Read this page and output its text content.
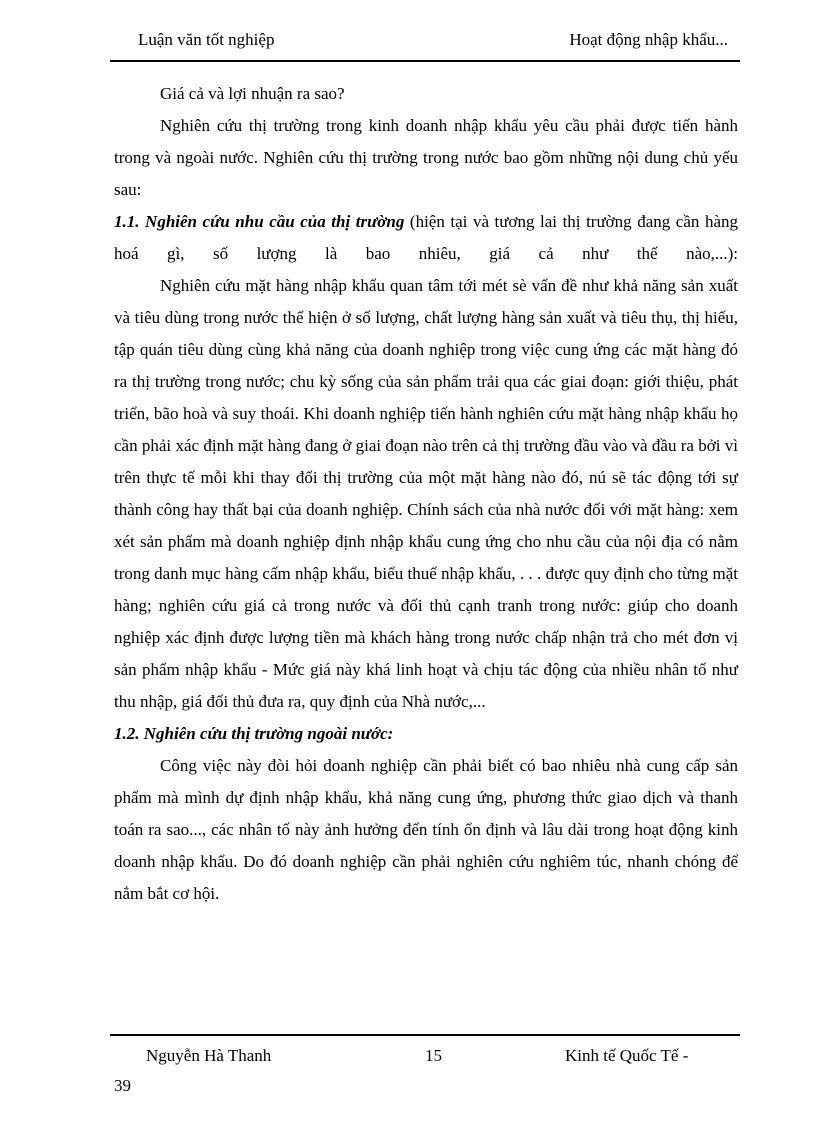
Luận văn tốt nghiệp	Hoạt động nhập khẩu...

Giá cả và lợi nhuận ra sao?

Nghiên cứu thị trường trong kinh doanh nhập khẩu yêu cầu phải được tiến hành trong và ngoài nước. Nghiên cứu thị trường trong nước bao gồm những nội dung chủ yếu sau:

1.1. Nghiên cứu nhu cầu của thị trường (hiện tại và tương lai thị trường đang cần hàng hoá gì, số lượng là bao nhiêu, giá cả như thế nào,...):

Nghiên cứu mặt hàng nhập khẩu quan tâm tới mét sè vấn đề như khả năng sản xuất và tiêu dùng trong nước thể hiện ở số lượng, chất lượng hàng sản xuất và tiêu thụ, thị hiếu, tập quán tiêu dùng cùng khả năng của doanh nghiệp trong việc cung ứng các mặt hàng đó ra thị trường trong nước; chu kỳ sống của sản phẩm trải qua các giai đoạn: giới thiệu, phát triển, bão hoà và suy thoái. Khi doanh nghiệp tiến hành nghiên cứu mặt hàng nhập khẩu họ cần phải xác định mặt hàng đang ở giai đoạn nào trên cả thị trường đầu vào và đầu ra bởi vì trên thực tế mỗi khi thay đổi thị trường của một mặt hàng nào đó, nú sẽ tác động tới sự thành công hay thất bại của doanh nghiệp. Chính sách của nhà nước đối với mặt hàng: xem xét sản phẩm mà doanh nghiệp định nhập khẩu cung ứng cho nhu cầu của nội địa có nằm trong danh mục hàng cấm nhập khẩu, biểu thuế nhập khẩu, . . . được quy định cho từng mặt hàng; nghiên cứu giá cả trong nước và đối thủ cạnh tranh trong nước: giúp cho doanh nghiệp xác định được lượng tiền mà khách hàng trong nước chấp nhận trả cho mét đơn vị sản phẩm nhập khẩu - Mức giá này khá linh hoạt và chịu tác động của nhiều nhân tố như thu nhập, giá đối thủ đưa ra, quy định của Nhà nước,...

1.2. Nghiên cứu thị trường ngoài nước:

Công việc này đòi hỏi doanh nghiệp cần phải biết có bao nhiêu nhà cung cấp sản phẩm mà mình dự định nhập khẩu, khả năng cung ứng, phương thức giao dịch và thanh toán ra sao..., các nhân tố này ảnh hưởng đến tính ổn định và lâu dài trong hoạt động kinh doanh nhập khẩu. Do đó doanh nghiệp cần phải nghiên cứu nghiêm túc, nhanh chóng để nắm bắt cơ hội.

Nguyễn Hà Thanh	15	Kinh tế Quốc Tế -
39
